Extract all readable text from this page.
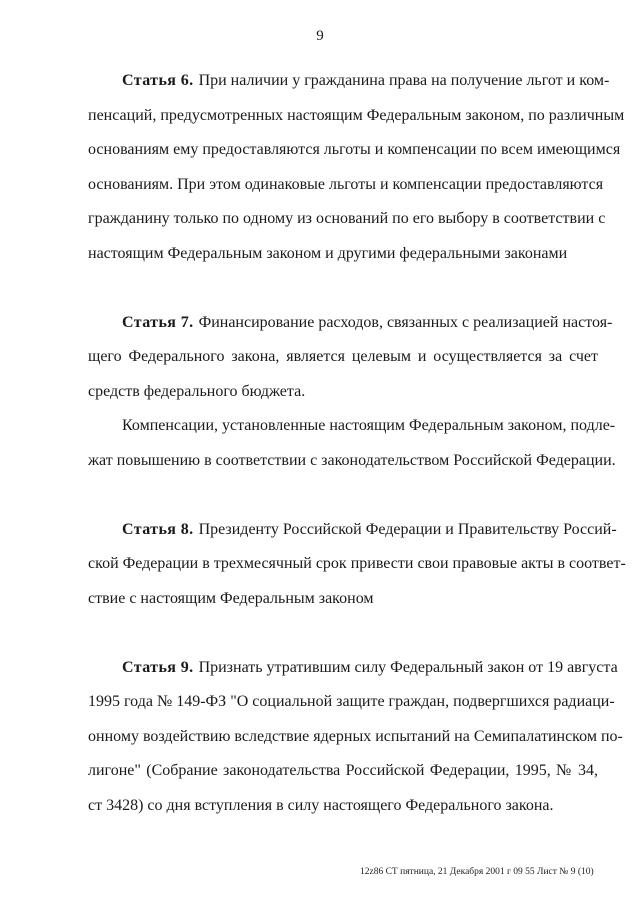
9
Статья 6. При наличии у гражданина права на получение льгот и ком-
пенсаций, предусмотренных настоящим Федеральным законом, по различным
основаниям ему предоставляются льготы и компенсации по всем имеющимся
основаниям. При этом одинаковые льготы и компенсации предоставляются
гражданину только по одному из оснований по его выбору в соответствии с
настоящим Федеральным законом и другими федеральными законами
Статья 7. Финансирование расходов, связанных с реализацией настоя-
щего Федерального закона, является целевым и осуществляется за счет
средств федерального бюджета.
Компенсации, установленные настоящим Федеральным законом, подле-
жат повышению в соответствии с законодательством Российской Федерации.
Статья 8. Президенту Российской Федерации и Правительству Россий-
ской Федерации в трехмесячный срок привести свои правовые акты в соответ-
ствие с настоящим Федеральным законом
Статья 9. Признать утратившим силу Федеральный закон от 19 августа
1995 года № 149-ФЗ "О социальной защите граждан, подвергшихся радиаци-
онному воздействию вследствие ядерных испытаний на Семипалатинском по-
лигоне" (Собрание законодательства Российской Федерации, 1995, № 34,
ст 3428) со дня вступления в силу настоящего Федерального закона.
12z86 СТ пятница, 21 Декабря 2001 г 09 55 Лист № 9 (10)
